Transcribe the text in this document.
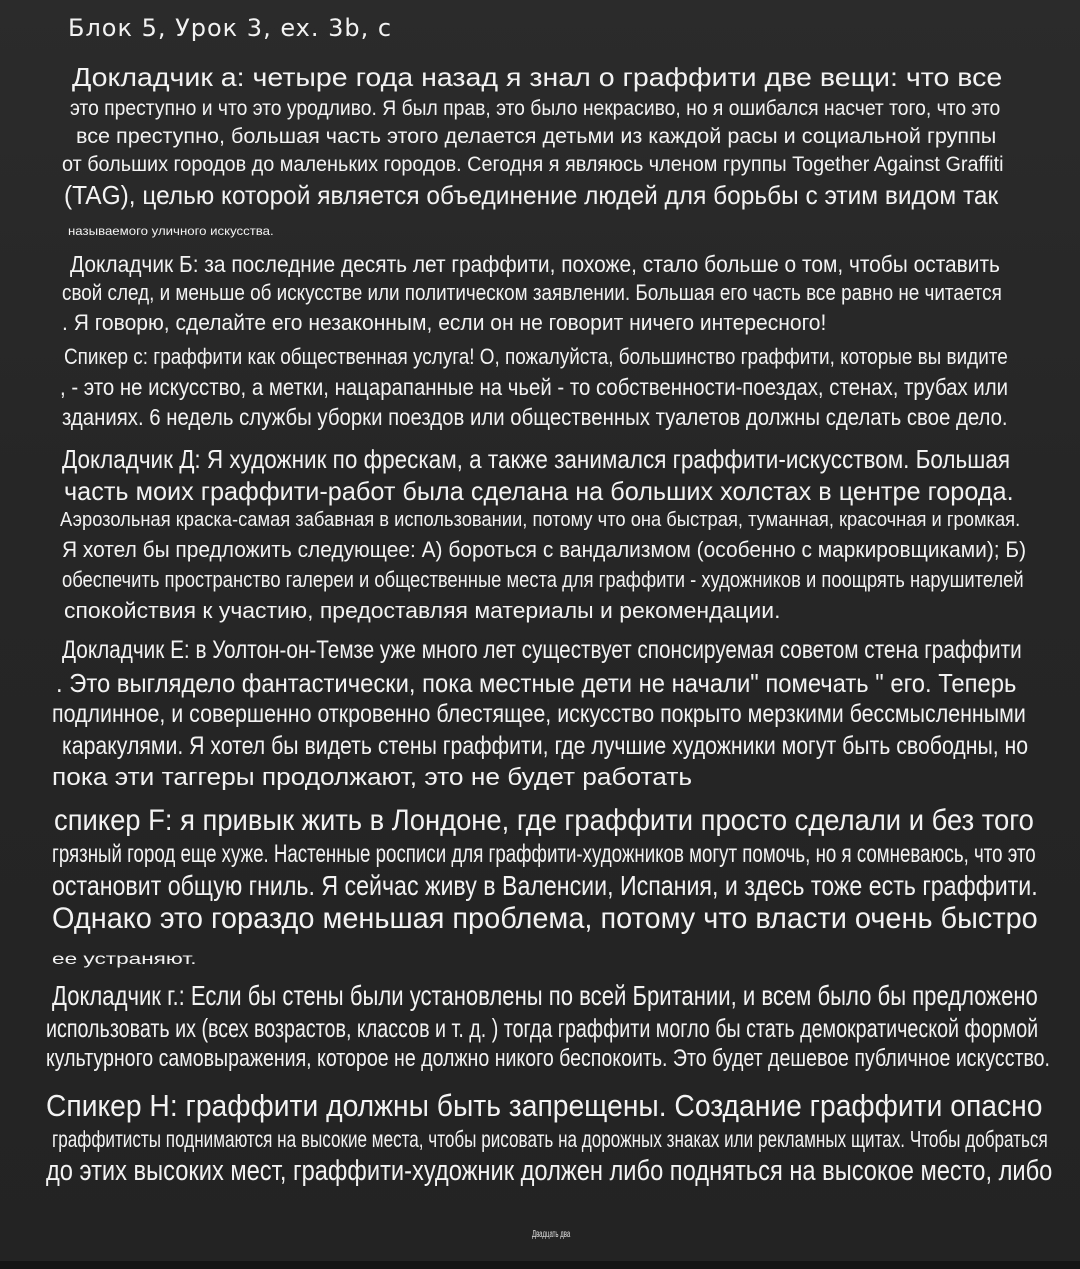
Блок 5, Урок 3, ex. 3b, c
Докладчик а: четыре года назад я знал о граффити две вещи: что все
это преступно и что это уродливо. Я был прав, это было некрасиво, но я ошибался насчет того, что это
все преступно, большая часть этого делается детьми из каждой расы и социальной группы
от больших городов до маленьких городов. Сегодня я являюсь членом группы Together Against Graffiti
(TAG), целью которой является объединение людей для борьбы с этим видом так
называемого уличного искусства.
Докладчик Б: за последние десять лет граффити, похоже, стало больше о том, чтобы оставить
свой след, и меньше об искусстве или политическом заявлении. Большая его часть все равно не читается
. Я говорю, сделайте его незаконным, если он не говорит ничего интересного!
Спикер с: граффити как общественная услуга! О, пожалуйста, большинство граффити, которые вы видите
, - это не искусство, а метки, нацарапанные на чьей - то собственности-поездах, стенах, трубах или
зданиях. 6 недель службы уборки поездов или общественных туалетов должны сделать свое дело.
Докладчик Д: Я художник по фрескам, а также занимался граффити-искусством. Большая
часть моих граффити-работ была сделана на больших холстах в центре города.
Аэрозольная краска-самая забавная в использовании, потому что она быстрая, туманная, красочная и громкая.
Я хотел бы предложить следующее: А) бороться с вандализмом (особенно с маркировщиками); Б)
обеспечить пространство галереи и общественные места для граффити - художников и поощрять нарушителей
спокойствия к участию, предоставляя материалы и рекомендации.
Докладчик Е: в Уолтон-он-Темзе уже много лет существует спонсируемая советом стена граффити
. Это выглядело фантастически, пока местные дети не начали" помечать " его. Теперь
подлинное, и совершенно откровенно блестящее, искусство покрыто мерзкими бессмысленными
каракулями. Я хотел бы видеть стены граффити, где лучшие художники могут быть свободны, но
пока эти таггеры продолжают, это не будет работать
спикер F: я привык жить в Лондоне, где граффити просто сделали и без того
грязный город еще хуже. Настенные росписи для граффити-художников могут помочь, но я сомневаюсь, что это
остановит общую гниль. Я сейчас живу в Валенсии, Испания, и здесь тоже есть граффити.
Однако это гораздо меньшая проблема, потому что власти очень быстро
ее устраняют.
Докладчик г.: Если бы стены были установлены по всей Британии, и всем было бы предложено
использовать их (всех возрастов, классов и т. д. ) тогда граффити могло бы стать демократической формой
культурного самовыражения, которое не должно никого беспокоить. Это будет дешевое публичное искусство.
Спикер Н: граффити должны быть запрещены. Создание граффити опасно
граффитисты поднимаются на высокие места, чтобы рисовать на дорожных знаках или рекламных щитах. Чтобы добраться
до этих высоких мест, граффити-художник должен либо подняться на высокое место, либо
Двадцать два
